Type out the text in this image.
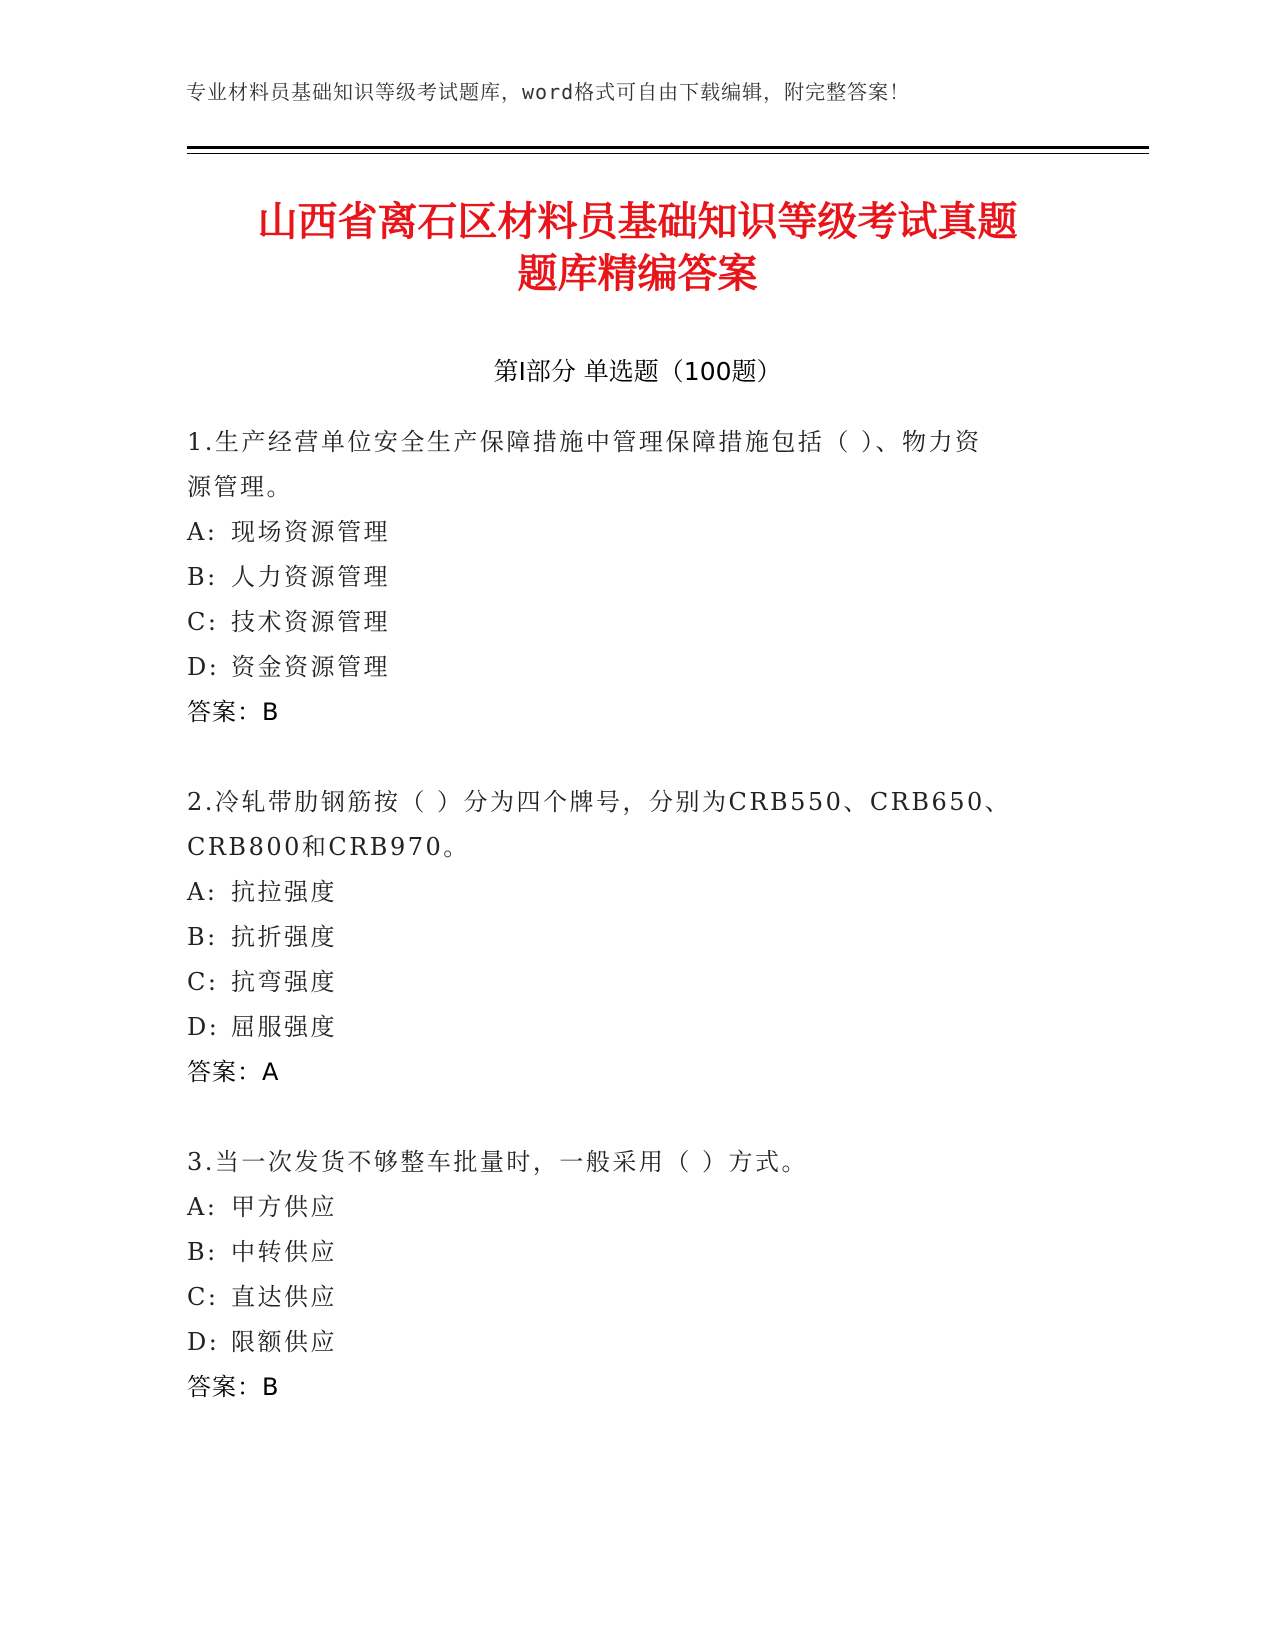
专业材料员基础知识等级考试题库，word格式可自由下载编辑，附完整答案！
山西省离石区材料员基础知识等级考试真题
题库精编答案
第Ⅰ部分 单选题（100题）
1.生产经营单位安全生产保障措施中管理保障措施包括（ ）、物力资
源管理。
A: 现场资源管理
B: 人力资源管理
C: 技术资源管理
D: 资金资源管理
答案：B
2.冷轧带肋钢筋按（ ）分为四个牌号，分别为CRB550、CRB650、
CRB800和CRB970。
A: 抗拉强度
B: 抗折强度
C: 抗弯强度
D: 屈服强度
答案：A
3.当一次发货不够整车批量时，一般采用（ ）方式。
A: 甲方供应
B: 中转供应
C: 直达供应
D: 限额供应
答案：B
